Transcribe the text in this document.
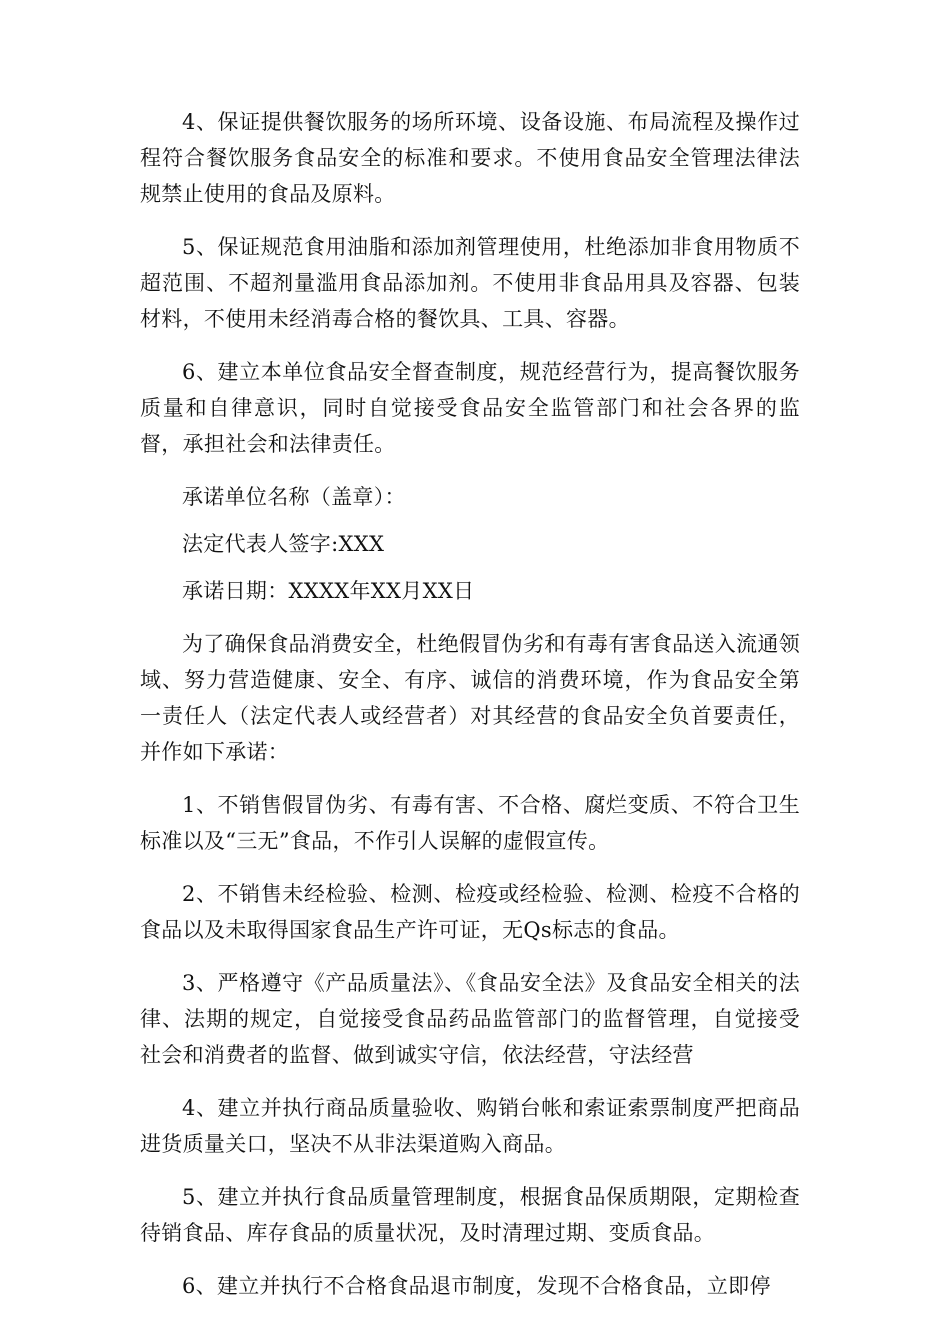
4、保证提供餐饮服务的场所环境、设备设施、布局流程及操作过程符合餐饮服务食品安全的标准和要求。不使用食品安全管理法律法规禁止使用的食品及原料。

5、保证规范食用油脂和添加剂管理使用，杜绝添加非食用物质不超范围、不超剂量滥用食品添加剂。不使用非食品用具及容器、包装材料，不使用未经消毒合格的餐饮具、工具、容器。

6、建立本单位食品安全督查制度，规范经营行为，提高餐饮服务质量和自律意识，同时自觉接受食品安全监管部门和社会各界的监督，承担社会和法律责任。

承诺单位名称（盖章）：

法定代表人签字:XXX

承诺日期：XXXX年XX月XX日

为了确保食品消费安全，杜绝假冒伪劣和有毒有害食品送入流通领域、努力营造健康、安全、有序、诚信的消费环境，作为食品安全第一责任人（法定代表人或经营者）对其经营的食品安全负首要责任，并作如下承诺：

1、不销售假冒伪劣、有毒有害、不合格、腐烂变质、不符合卫生标准以及“三无”食品，不作引人误解的虚假宣传。

2、不销售未经检验、检测、检疫或经检验、检测、检疫不合格的食品以及未取得国家食品生产许可证，无Qs标志的食品。

3、严格遵守《产品质量法》、《食品安全法》及食品安全相关的法律、法期的规定，自觉接受食品药品监管部门的监督管理，自觉接受社会和消费者的监督、做到诚实守信，依法经营，守法经营

4、建立并执行商品质量验收、购销台帐和索证索票制度严把商品进货质量关口，坚决不从非法渠道购入商品。

5、建立并执行食品质量管理制度，根据食品保质期限，定期检查待销食品、库存食品的质量状况，及时清理过期、变质食品。

6、建立并执行不合格食品退市制度，发现不合格食品，立即停
